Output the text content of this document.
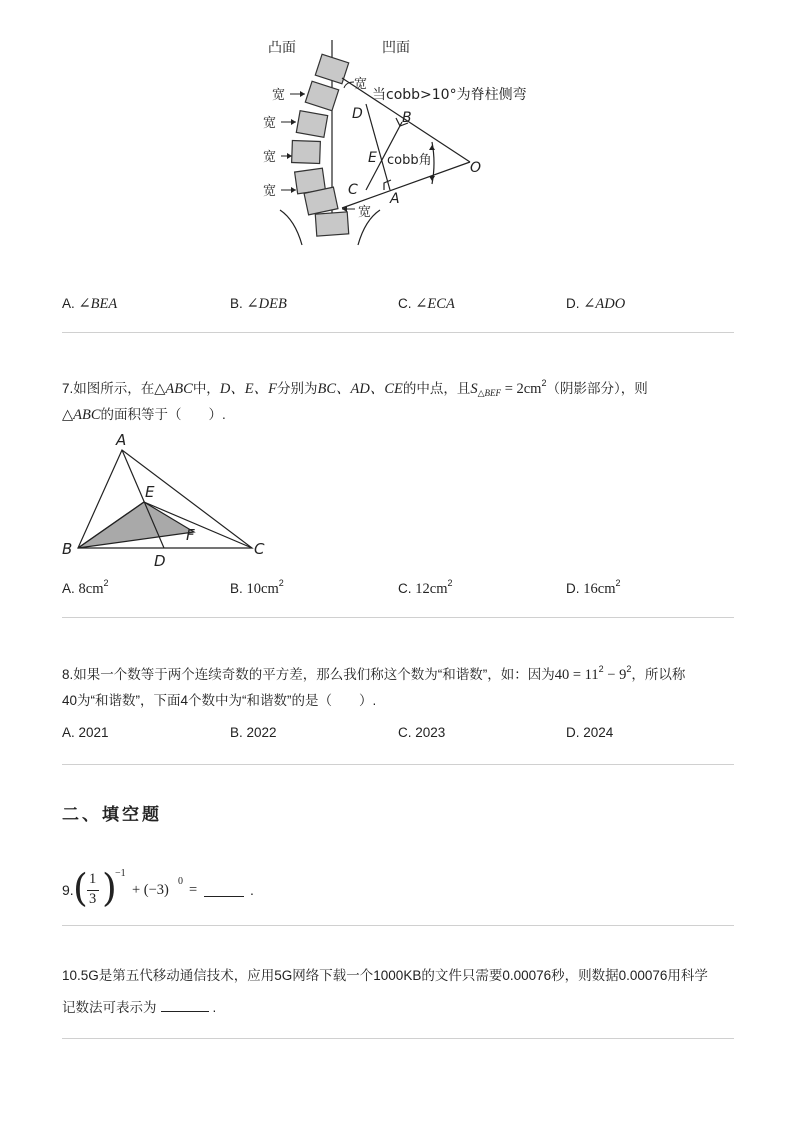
凸面	凹面
宽
宽
宽
宽
宽
宽
当cobb>10°为脊柱侧弯
D	B
E cobb角	O
C
A
A. ∠BEA	B. ∠DEB	C. ∠ECA	D. ∠ADO
7.如图所示，在△ABC中，D、E、F分别为BC、AD、CE的中点，且$S_{\triangle BEF} = 2cm^2$（阴影部分），则
△ABC的面积等于（　　）.
A
E
F
B
D
C
A. $8cm^2$	B. $10cm^2$	C. $12cm^2$	D. $16cm^2$
8.如果一个数等于两个连续奇数的平方差，那么我们称这个数为“和谐数”，如：因为$40 = 11^2 - 9^2$，所以称
40为“和谐数”，下面4个数中为“和谐数”的是（　　）.
A. 2021	B. 2022	C. 2023	D. 2024
二、填空题
9. ( 1
3 )
−1
+ (−3)
0
=	.
10.5G是第五代移动通信技术，应用5G网络下载一个1000KB的文件只需要0.00076秒，则数据0.00076用科学
记数法可表示为	.
